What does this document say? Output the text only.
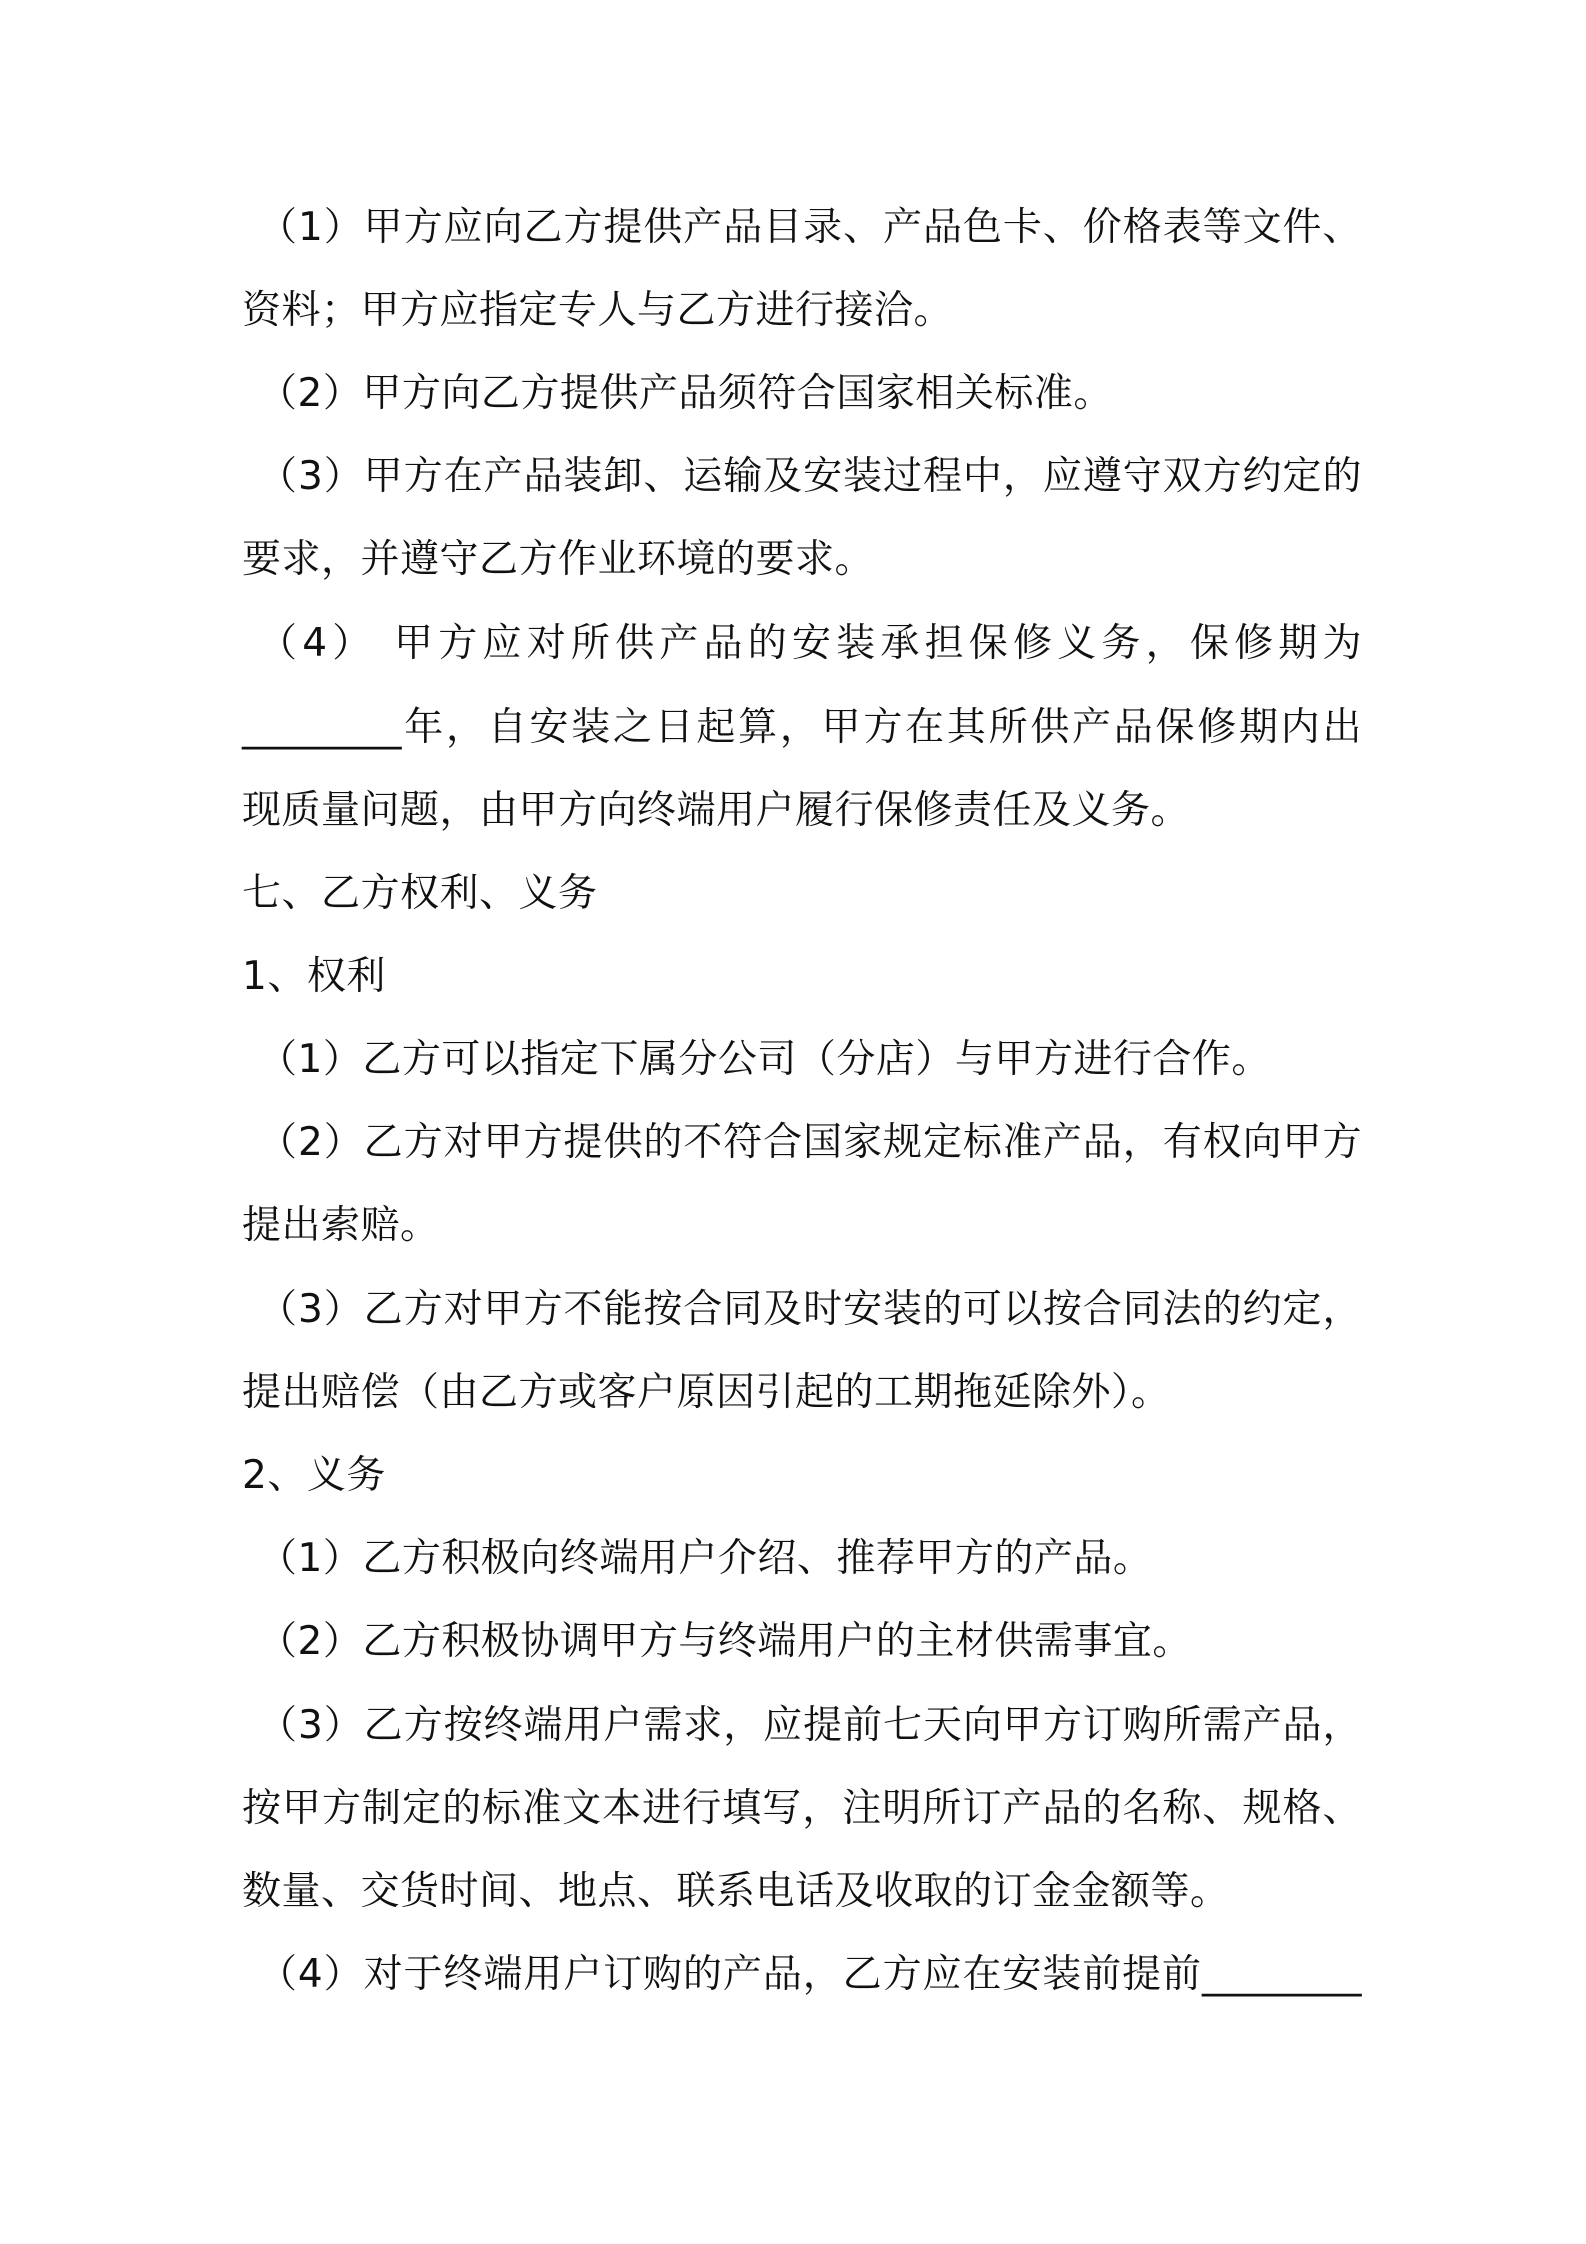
（1）甲方应向乙方提供产品目录、产品色卡、价格表等文件、
资料；甲方应指定专人与乙方进行接洽。
（2）甲方向乙方提供产品须符合国家相关标准。
（3）甲方在产品装卸、运输及安装过程中，应遵守双方约定的
要求，并遵守乙方作业环境的要求。
（4） 甲方应对所供产品的安装承担保修义务，保修期为
________年，自安装之日起算，甲方在其所供产品保修期内出
现质量问题，由甲方向终端用户履行保修责任及义务。
七、乙方权利、义务
1、权利
（1）乙方可以指定下属分公司（分店）与甲方进行合作。
（2）乙方对甲方提供的不符合国家规定标准产品，有权向甲方
提出索赔。
（3）乙方对甲方不能按合同及时安装的可以按合同法的约定，
提出赔偿（由乙方或客户原因引起的工期拖延除外）。
2、义务
（1）乙方积极向终端用户介绍、推荐甲方的产品。
（2）乙方积极协调甲方与终端用户的主材供需事宜。
（3）乙方按终端用户需求，应提前七天向甲方订购所需产品，
按甲方制定的标准文本进行填写，注明所订产品的名称、规格、
数量、交货时间、地点、联系电话及收取的订金金额等。
（4）对于终端用户订购的产品，乙方应在安装前提前________
